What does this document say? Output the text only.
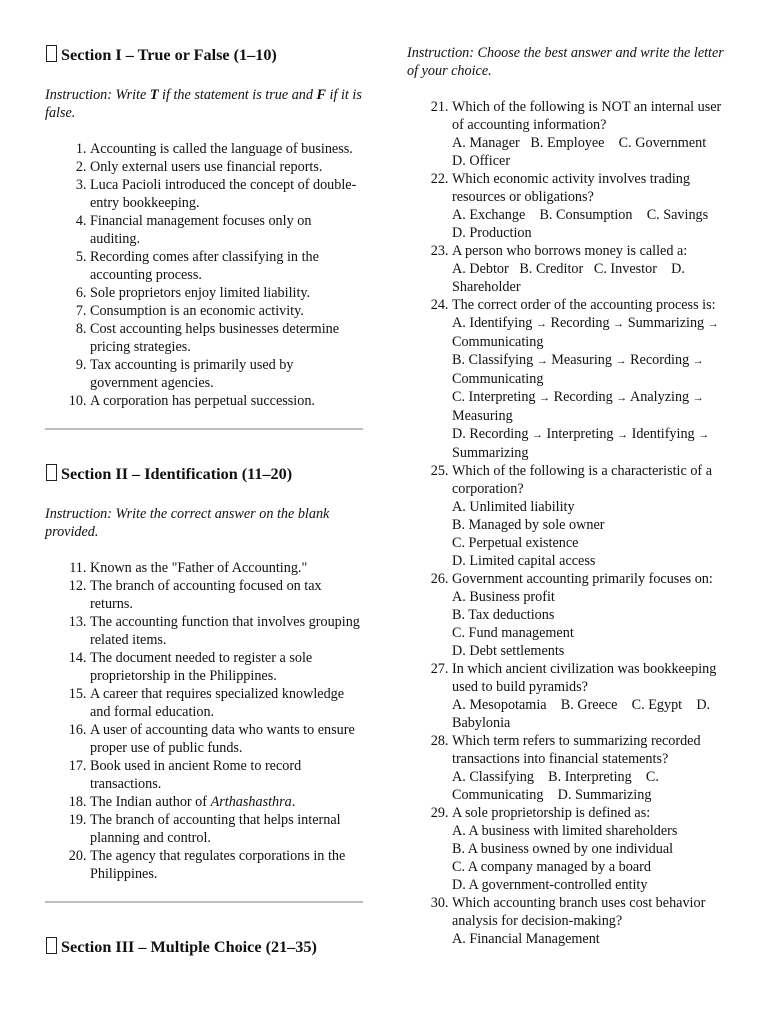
Section I – True or False (1–10)

Instruction: Write T if the statement is true and F if it is false.

1. Accounting is called the language of business.
2. Only external users use financial reports.
3. Luca Pacioli introduced the concept of double-entry bookkeeping.
4. Financial management focuses only on auditing.
5. Recording comes after classifying in the accounting process.
6. Sole proprietors enjoy limited liability.
7. Consumption is an economic activity.
8. Cost accounting helps businesses determine pricing strategies.
9. Tax accounting is primarily used by government agencies.
10. A corporation has perpetual succession.
Section II – Identification (11–20)

Instruction: Write the correct answer on the blank provided.

11. Known as the "Father of Accounting."
12. The branch of accounting focused on tax returns.
13. The accounting function that involves grouping related items.
14. The document needed to register a sole proprietorship in the Philippines.
15. A career that requires specialized knowledge and formal education.
16. A user of accounting data who wants to ensure proper use of public funds.
17. Book used in ancient Rome to record transactions.
18. The Indian author of Arthashasthra.
19. The branch of accounting that helps internal planning and control.
20. The agency that regulates corporations in the Philippines.
Section III – Multiple Choice (21–35)

Instruction: Choose the best answer and write the letter of your choice.

21. Which of the following is NOT an internal user of accounting information?
A. Manager B. Employee C. Government    D. Officer
22. Which economic activity involves trading resources or obligations?
A. Exchange B. Consumption C. Savings    D. Production
23. A person who borrows money is called a:
A. Debtor B. Creditor C. Investor D. Shareholder
24. The correct order of the accounting process is:
A. Identifying → Recording → Summarizing → Communicating
B. Classifying → Measuring → Recording → Communicating
C. Interpreting → Recording → Analyzing → Measuring
D. Recording → Interpreting → Identifying → Summarizing
25. Which of the following is a characteristic of a corporation?
A. Unlimited liability
B. Managed by sole owner
C. Perpetual existence
D. Limited capital access
26. Government accounting primarily focuses on:
A. Business profit
B. Tax deductions
C. Fund management
D. Debt settlements
27. In which ancient civilization was bookkeeping used to build pyramids?
A. Mesopotamia B. Greece C. Egypt D. Babylonia
28. Which term refers to summarizing recorded transactions into financial statements?
A. Classifying B. Interpreting C. Communicating D. Summarizing
29. A sole proprietorship is defined as:
A. A business with limited shareholders
B. A business owned by one individual
C. A company managed by a board
D. A government-controlled entity
30. Which accounting branch uses cost behavior analysis for decision-making?
A. Financial Management
